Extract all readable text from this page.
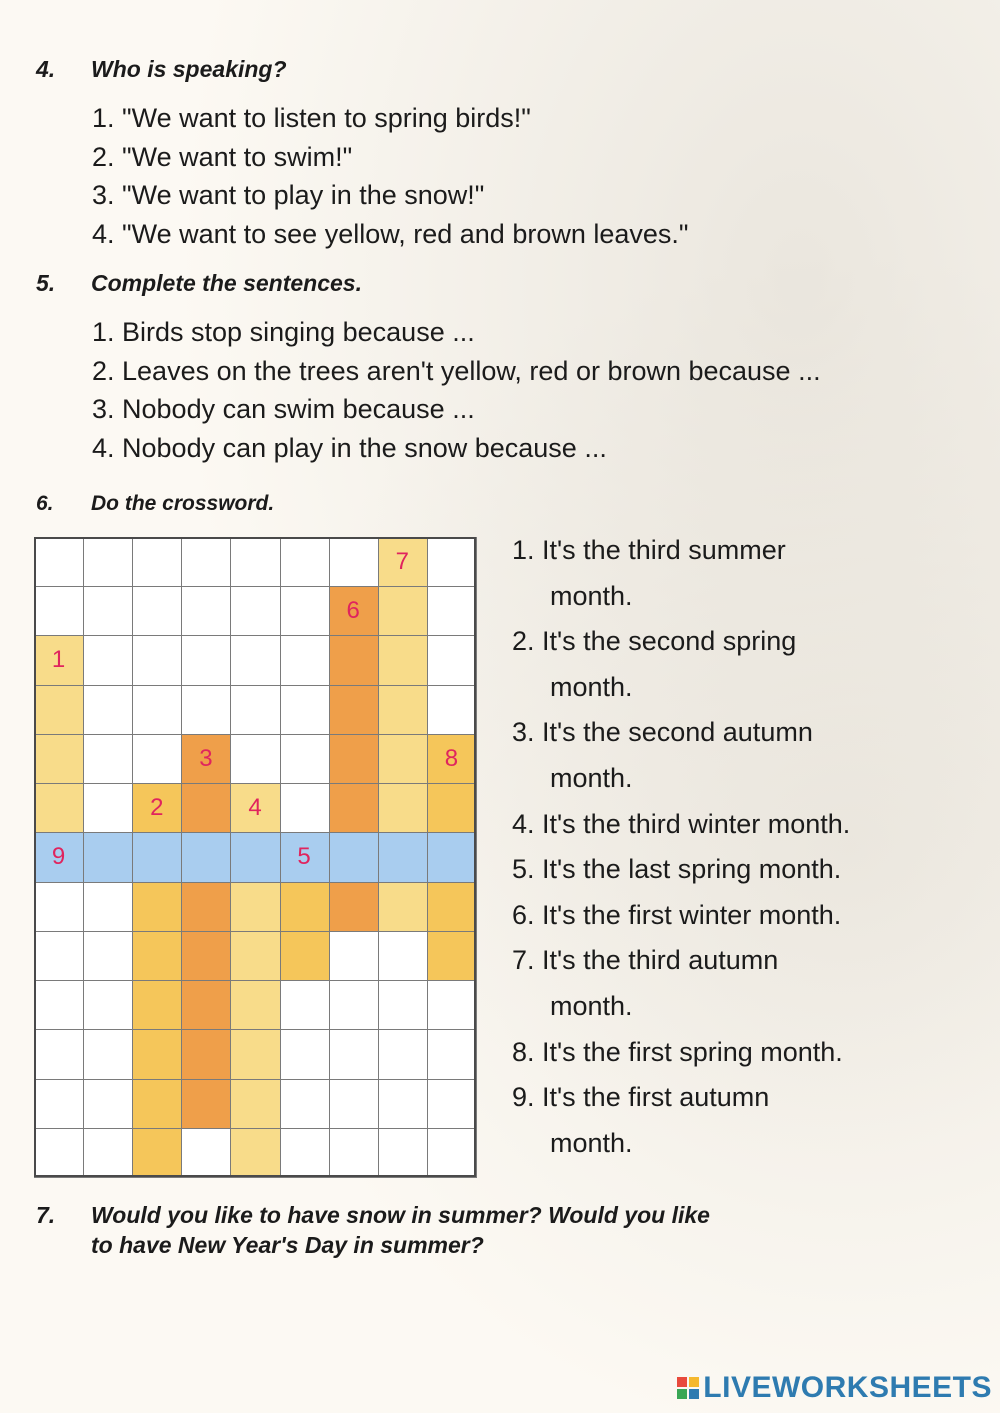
4. Who is speaking?
1. "We want to listen to spring birds!"
2. "We want to swim!"
3. "We want to play in the snow!"
4. "We want to see yellow, red and brown leaves."
5. Complete the sentences.
1. Birds stop singing because ...
2. Leaves on the trees aren't yellow, red or brown because ...
3. Nobody can swim because ...
4. Nobody can play in the snow because ...
6. Do the crossword.
1
2
3
4
5
6
7
8
9
1. It's the third summer
month.
2. It's the second spring
month.
3. It's the second autumn
month.
4. It's the third winter month.
5. It's the last spring month.
6. It's the first winter month.
7. It's the third autumn
month.
8. It's the first spring month.
9. It's the first autumn
month.
7. Would you like to have snow in summer? Would you like
to have New Year's Day in summer?
LIVEWORKSHEETS
